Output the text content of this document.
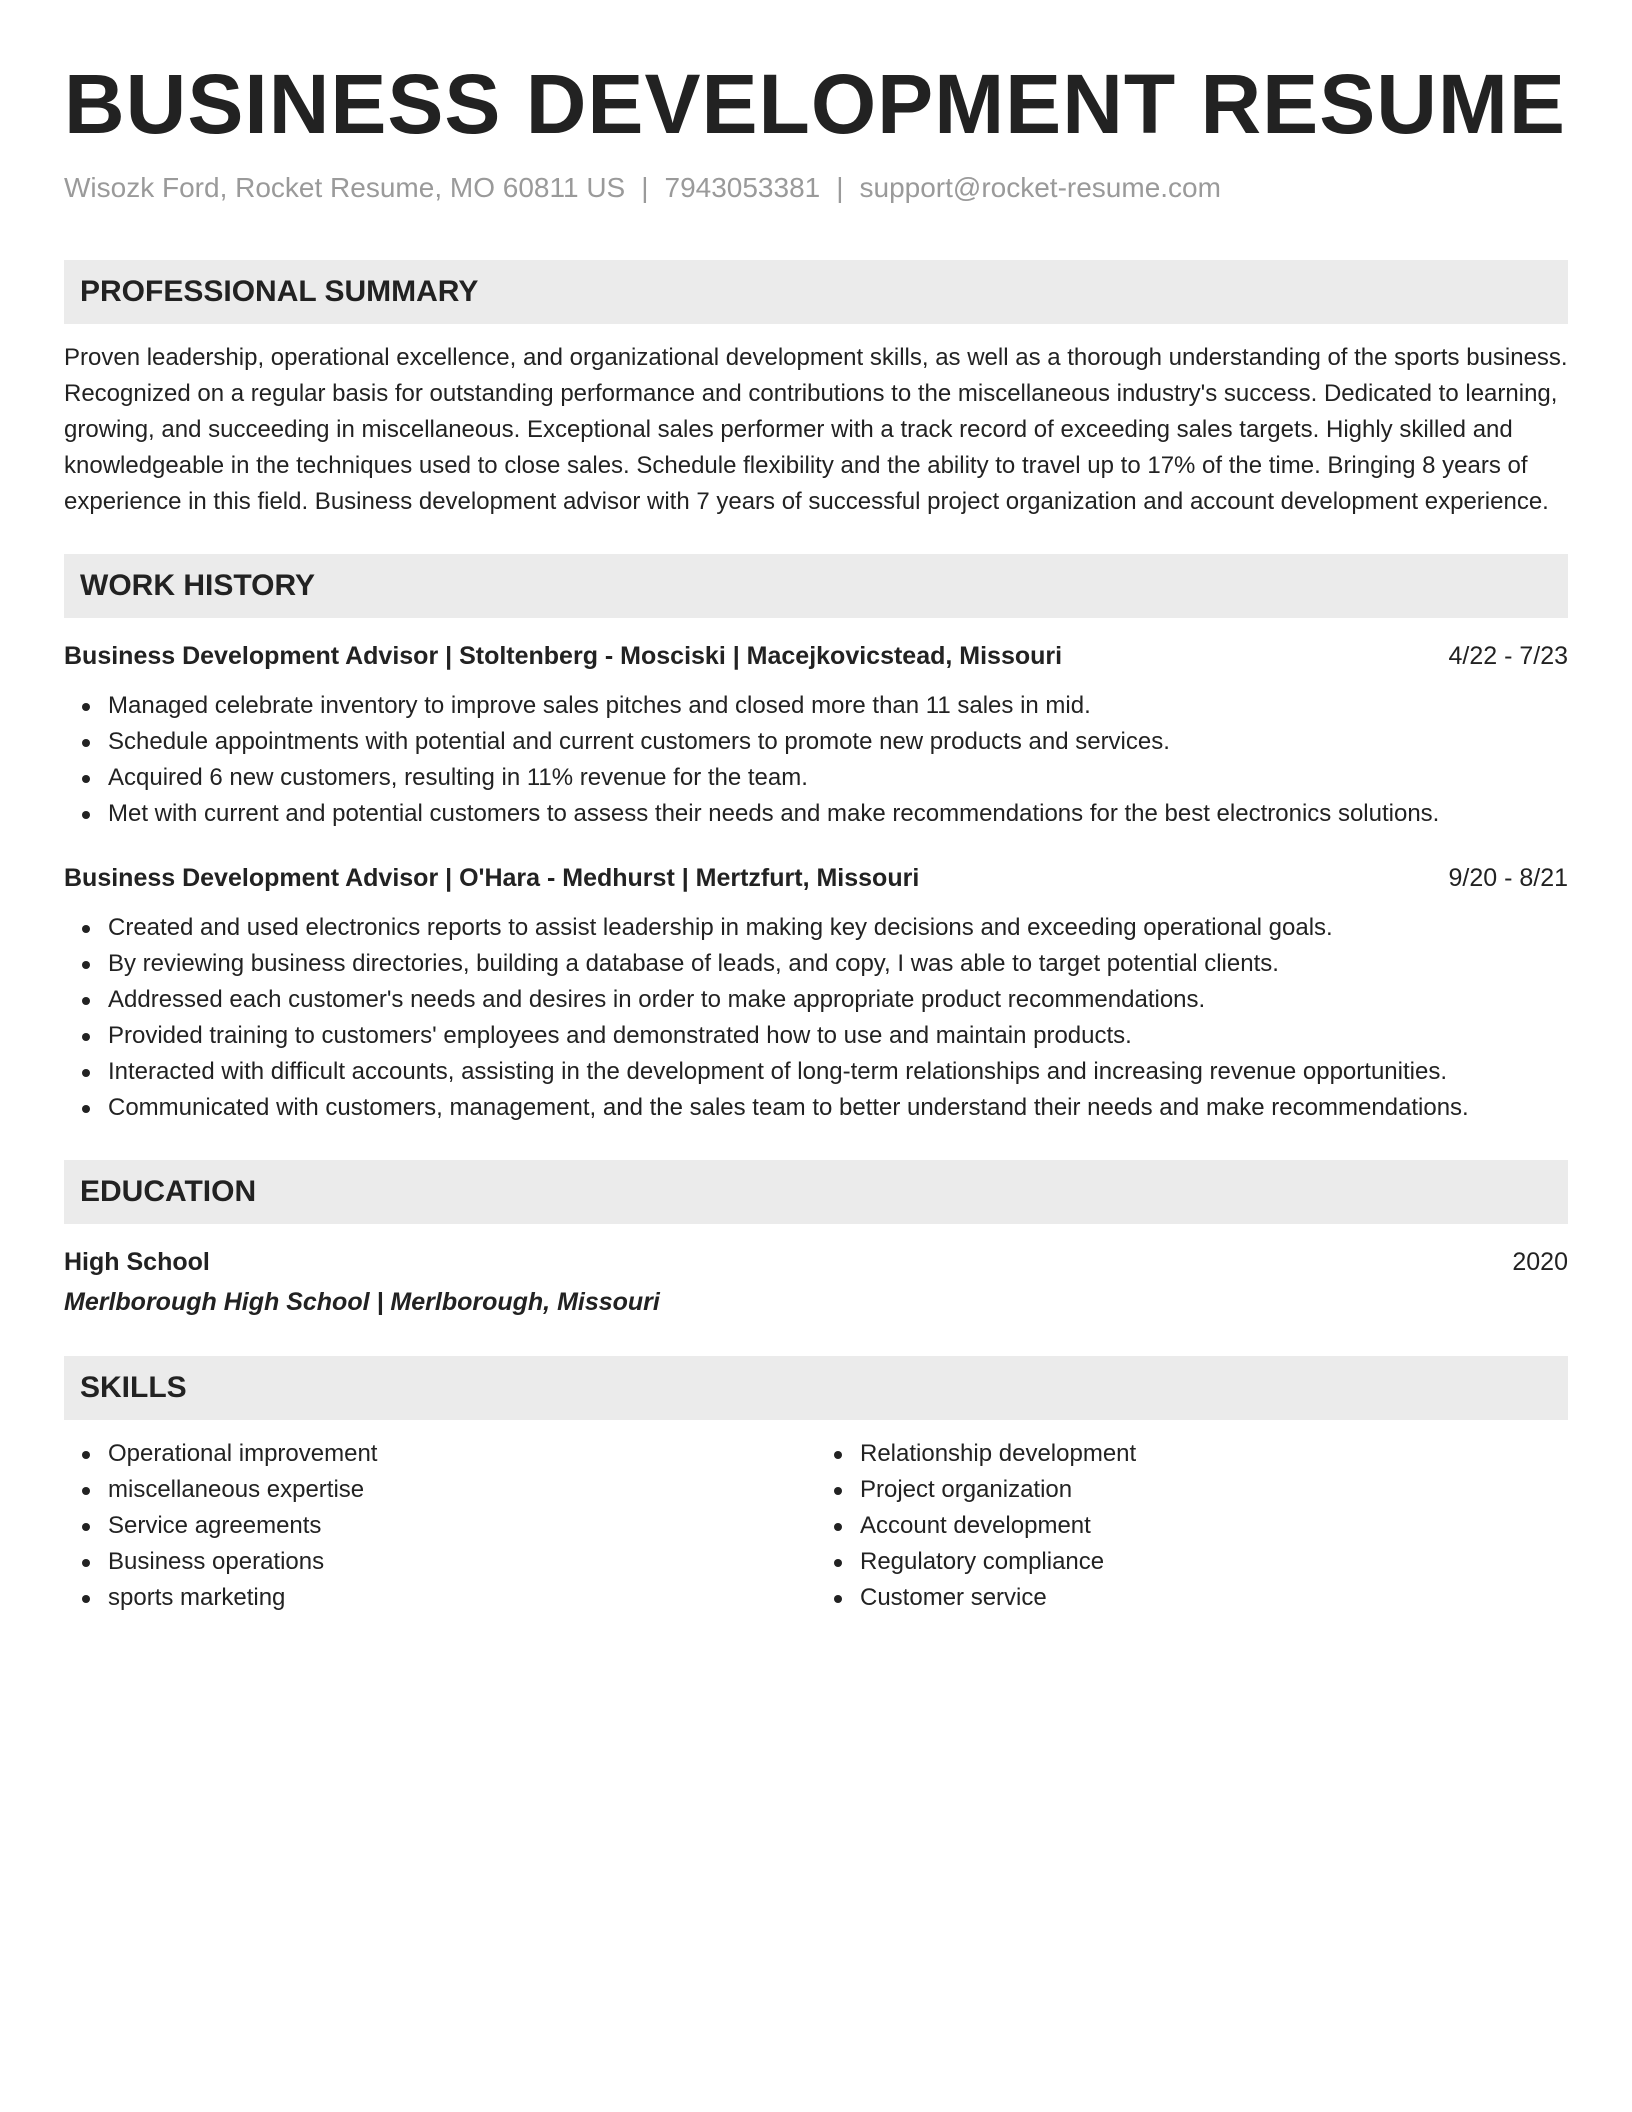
BUSINESS DEVELOPMENT RESUME
Wisozk Ford, Rocket Resume, MO 60811 US | 7943053381 | support@rocket-resume.com
PROFESSIONAL SUMMARY
Proven leadership, operational excellence, and organizational development skills, as well as a thorough understanding of the sports business. Recognized on a regular basis for outstanding performance and contributions to the miscellaneous industry's success. Dedicated to learning, growing, and succeeding in miscellaneous. Exceptional sales performer with a track record of exceeding sales targets. Highly skilled and knowledgeable in the techniques used to close sales. Schedule flexibility and the ability to travel up to 17% of the time. Bringing 8 years of experience in this field. Business development advisor with 7 years of successful project organization and account development experience.
WORK HISTORY
Business Development Advisor | Stoltenberg - Mosciski | Macejkovicstead, Missouri	4/22 - 7/23
Managed celebrate inventory to improve sales pitches and closed more than 11 sales in mid.
Schedule appointments with potential and current customers to promote new products and services.
Acquired 6 new customers, resulting in 11% revenue for the team.
Met with current and potential customers to assess their needs and make recommendations for the best electronics solutions.
Business Development Advisor | O'Hara - Medhurst | Mertzfurt, Missouri	9/20 - 8/21
Created and used electronics reports to assist leadership in making key decisions and exceeding operational goals.
By reviewing business directories, building a database of leads, and copy, I was able to target potential clients.
Addressed each customer's needs and desires in order to make appropriate product recommendations.
Provided training to customers' employees and demonstrated how to use and maintain products.
Interacted with difficult accounts, assisting in the development of long-term relationships and increasing revenue opportunities.
Communicated with customers, management, and the sales team to better understand their needs and make recommendations.
EDUCATION
High School	2020
Merlborough High School | Merlborough, Missouri
SKILLS
Operational improvement
miscellaneous expertise
Service agreements
Business operations
sports marketing
Relationship development
Project organization
Account development
Regulatory compliance
Customer service
